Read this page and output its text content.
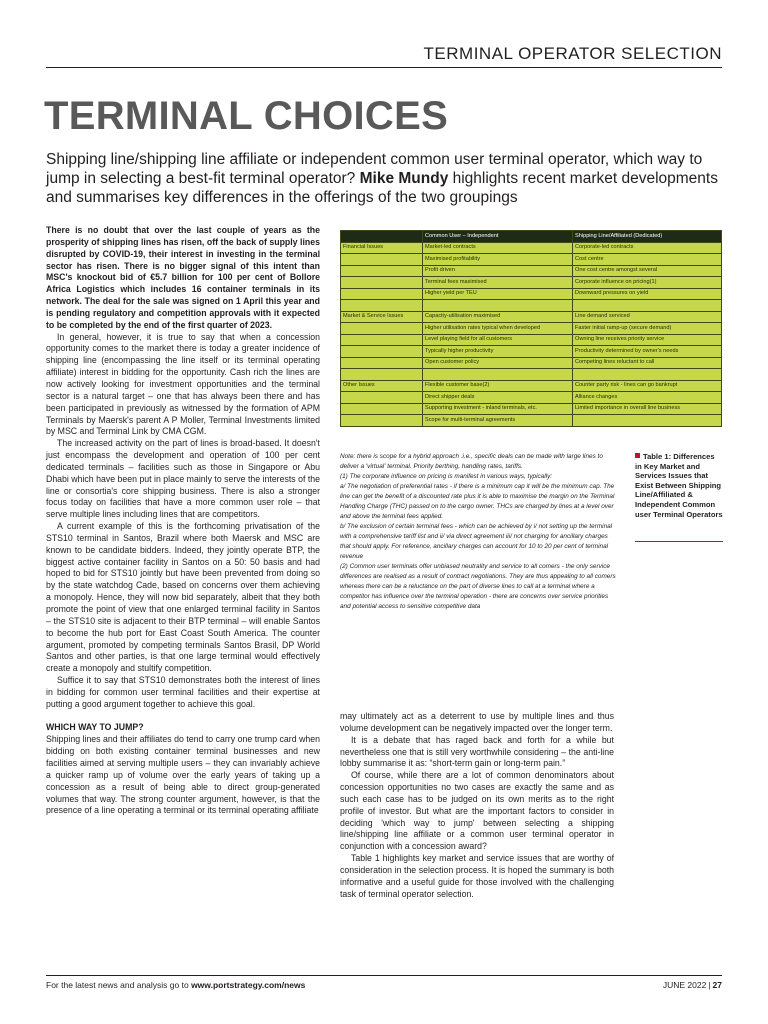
TERMINAL OPERATOR SELECTION
TERMINAL CHOICES
Shipping line/shipping line affiliate or independent common user terminal operator, which way to jump in selecting a best-fit terminal operator? Mike Mundy highlights recent market developments and summarises key differences in the offerings of the two groupings

There is no doubt that over the last couple of years as the prosperity of shipping lines has risen, off the back of supply lines disrupted by COVID-19, their interest in investing in the terminal sector has risen. There is no bigger signal of this intent than MSC's knockout bid of €5.7 billion for 100 per cent of Bollore Africa Logistics which includes 16 container terminals in its network. The deal for the sale was signed on 1 April this year and is pending regulatory and competition approvals with it expected to be completed by the end of the first quarter of 2023.

In general, however, it is true to say that when a concession opportunity comes to the market there is today a greater incidence of shipping line (encompassing the line itself or its terminal operating affiliate) interest in bidding for the opportunity. Cash rich the lines are now actively looking for investment opportunities and the terminal sector is a natural target – one that has always been there and has been participated in previously as witnessed by the formation of APM Terminals by Maersk's parent A P Moller, Terminal Investments limited by MSC and Terminal Link by CMA CGM.

The increased activity on the part of lines is broad-based. It doesn't just encompass the development and operation of 100 per cent dedicated terminals – facilities such as those in Singapore or Abu Dhabi which have been put in place mainly to serve the interests of the line or consortia's core shipping business. There is also a stronger focus today on facilities that have a more common user role – that serve multiple lines including lines that are competitors.

A current example of this is the forthcoming privatisation of the STS10 terminal in Santos, Brazil where both Maersk and MSC are known to be candidate bidders. Indeed, they jointly operate BTP, the biggest active container facility in Santos on a 50: 50 basis and had hoped to bid for STS10 jointly but have been prevented from doing so by the state watchdog Cade, based on concerns over them achieving a monopoly. Hence, they will now bid separately, albeit that they both promote the point of view that one enlarged terminal facility in Santos – the STS10 site is adjacent to their BTP terminal – will enable Santos to become the hub port for East Coast South America. The counter argument, promoted by competing terminals Santos Brasil, DP World Santos and other parties, is that one large terminal would effectively create a monopoly and stultify competition.

Suffice it to say that STS10 demonstrates both the interest of lines in bidding for common user terminal facilities and their expertise at putting a good argument together to achieve this goal.

WHICH WAY TO JUMP?

Shipping lines and their affiliates do tend to carry one trump card when bidding on both existing container terminal businesses and new facilities aimed at serving multiple users – they can invariably achieve a quicker ramp up of volume over the early years of taking up a concession as a result of being able to direct group-generated volumes that way. The strong counter argument, however, is that the presence of a line operating a terminal or its terminal operating affiliate

	Common User – Independent	Shipping Line/Affiliated (Dedicated)
Financial Issues	Market-led contracts	Corporate-led contracts
	Maximised profitability	Cost centre
	Profit driven	One cost centre amongst several
	Terminal fees maximised	Corporate influence on pricing(1)
	Higher yield per TEU	Downward pressures on yield

Market & Service Issues	Capacity-utilisation maximised	Line demand serviced
	Higher utilisation rates typical when developed	Faster initial ramp-up (secure demand)
	Level playing field for all customers	Owning line receives priority service
	Typically higher productivity	Productivity determined by owner's needs
	Open customer policy	Competing lines reluctant to call

Other Issues	Flexible customer base(2)	Counter party risk - lines can go bankrupt
	Direct shipper deals	Alliance changes
	Supporting investment - inland terminals, etc.	Limited importance in overall line business
	Scope for multi-terminal agreements	

Note: there is scope for a hybrid approach .i.e., specific deals can be made with large lines to deliver a 'virtual' terminal. Priority berthing, handling rates, tariffs.

(1) The corporate influence on pricing is manifest in various ways, typically:

a/ The negotiation of preferential rates - if there is a minimum cap it will be the minimum cap. The line can get the benefit of a discounted rate plus it is able to maximise the margin on the Terminal Handling Charge (THC) passed on to the cargo owner. THCs are charged by lines at a level over and above the terminal fees applied.

b/ The exclusion of certain terminal fees - which can be achieved by i/ not setting up the terminal with a comprehensive tariff list and ii/ via direct agreement iii/ not charging for ancillary charges that should apply. For reference, ancillary charges can account for 10 to 20 per cent of terminal revenue

(2) Common user terminals offer unbiased neutrality and service to all comers - the only service differences are realised as a result of contract negotiations. They are thus appealing to all comers whereas there can be a reluctance on the part of diverse lines to call at a terminal where a competitor has influence over the terminal operation - there are concerns over service priorities and potential access to sensitive competitive data

Table 1: Differences in Key Market and Services Issues that Exist Between Shipping Line/Affiliated & Independent Common user Terminal Operators

may ultimately act as a deterrent to use by multiple lines and thus volume development can be negatively impacted over the longer term.

It is a debate that has raged back and forth for a while but nevertheless one that is still very worthwhile considering – the anti-line lobby summarise it as: “short-term gain or long-term pain.”

Of course, while there are a lot of common denominators about concession opportunities no two cases are exactly the same and as such each case has to be judged on its own merits as to the right profile of investor. But what are the important factors to consider in deciding 'which way to jump' between selecting a shipping line/shipping line affiliate or a common user terminal operator in conjunction with a concession award?

Table 1 highlights key market and service issues that are worthy of consideration in the selection process. It is hoped the summary is both informative and a useful guide for those involved with the challenging task of terminal operator selection.

For the latest news and analysis go to www.portstrategy.com/news	JUNE 2022 | 27
